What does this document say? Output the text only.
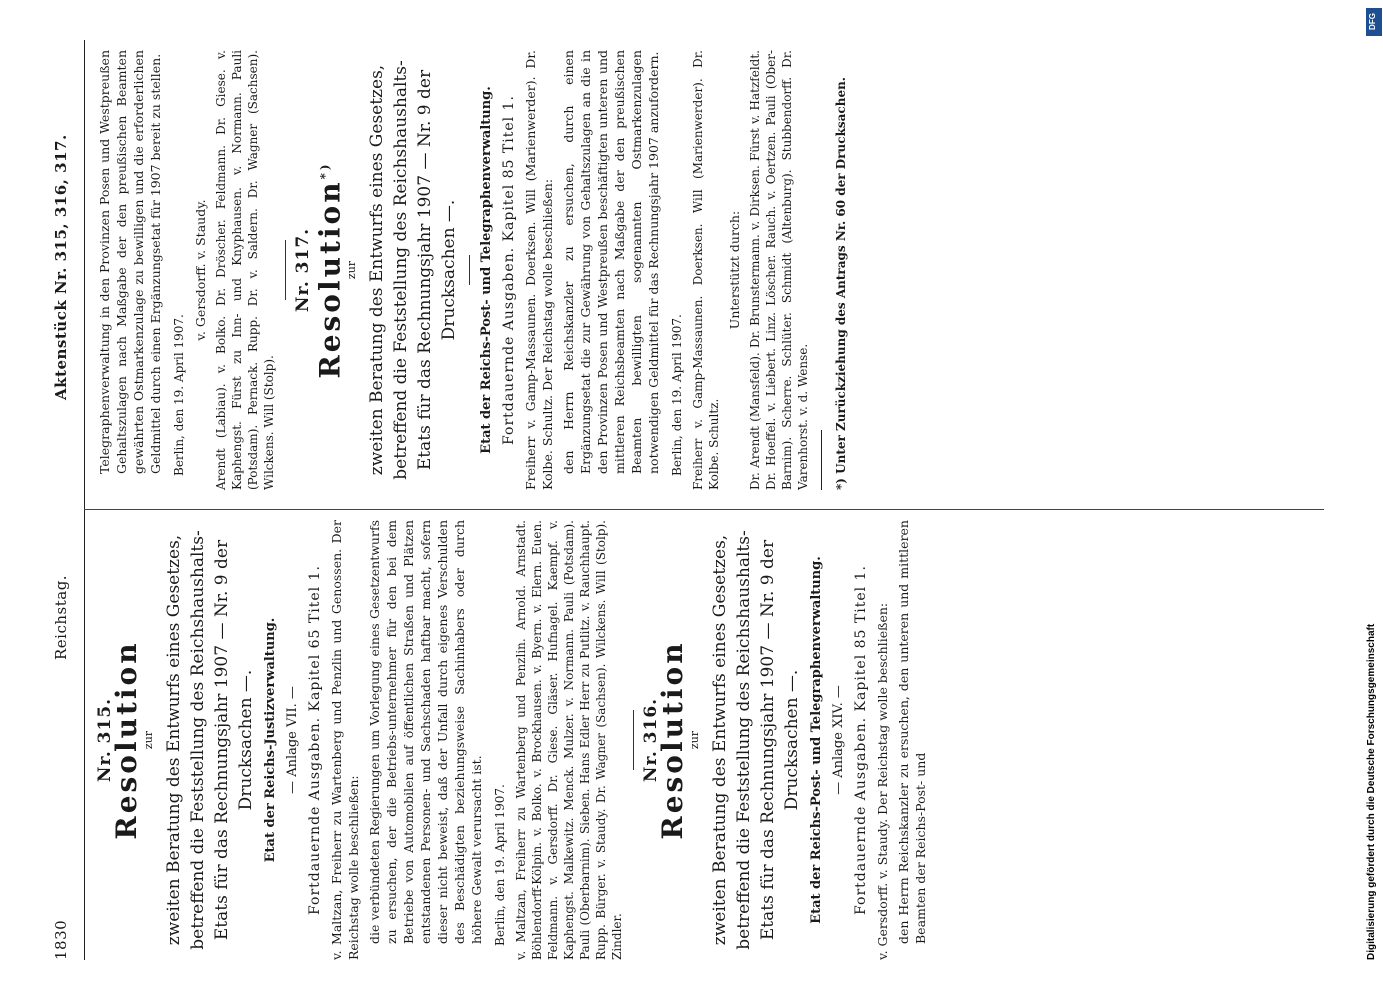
1830
Reichstag.
Aktenstück Nr. 315, 316, 317.

Nr. 315.

Resolution zur zweiten Beratung des Entwurfs eines Gesetzes, betreffend die Feststellung des Reichshaushalts-Etats für das Rechnungsjahr 1907 — Nr. 9 der Drucksachen —. Etat der Reichs-Justizverwaltung. — Anlage VII. — Fortdauernde Ausgaben. Kapitel 65 Titel 1. v. Maltzan, Freiherr zu Wartenberg und Penzlin und Genossen. Der Reichstag wolle beschließen: die verbündeten Regierungen um Vorlegung eines Gesetzentwurfs zu ersuchen, der die Betriebs-unternehmer für den bei dem Betriebe von Automobilen auf öffentlichen Straßen und Plätzen entstandenen Personen- und Sachschaden haftbar macht, sofern dieser nicht beweist, daß der Unfall durch eigenes Verschulden des Beschädigten beziehungsweise Sachinhabers oder durch höhere Gewalt verursacht ist. Berlin, den 19. April 1907. v. Maltzan, Freiherr zu Wartenberg und Penzlin. Arnold. Arnstadt. Böhlendorff-Kölpin. v. Bolko. v. Brockhausen. v. Byern. v. Elern. Euen. Feldmann. v. Gersdorff. Dr. Giese. Gläser. Hufnagel. Kaempf. v. Kaphengst. Malkewitz. Menck. Mulzer. v. Normann. Pauli (Potsdam). Pauli (Oberbarnim). Sieben. Hans Edler Herr zu Putlitz. v. Rauchhaupt. Rupp. Bürger. v. Staudy. Dr. Wagner (Sachsen). Wilckens. Will (Stolp). Zindler.

Nr. 316.

Resolution zur zweiten Beratung des Entwurfs eines Gesetzes, betreffend die Feststellung des Reichshaushalts-Etats für das Rechnungsjahr 1907 — Nr. 9 der Drucksachen —. Etat der Reichs-Post- und Telegraphenverwaltung. — Anlage XIV. — Fortdauernde Ausgaben. Kapitel 85 Titel 1. v. Gersdorff. v. Staudy. Der Reichstag wolle beschließen: den Herrn Reichskanzler zu ersuchen, den unteren und mittleren Beamten der Reichs-Post- und

Telegraphenverwaltung in den Provinzen Posen und Westpreußen Gehaltszulagen nach Maßgabe der den preußischen Beamten gewährten Ostmarkenzulage zu bewilligen und die erforderlichen Geldmittel durch einen Ergänzungsetat für 1907 bereit zu stellen. Berlin, den 19. April 1907.

v. Gersdorff. v. Staudy. Arendt (Labiau). v. Bolko. Dr. Dröscher. Feldmann. Dr. Giese. v. Kaphengst. Fürst zu Inn- und Knyphausen. v. Normann. Pauli (Potsdam). Pernack. Rupp. Dr. v. Saldern. Dr. Wagner (Sachsen). Wilckens. Will (Stolp).

Nr. 317. Resolution*)

zur zweiten Beratung des Entwurfs eines Gesetzes, betreffend die Feststellung des Reichshaushalts-Etats für das Rechnungsjahr 1907 — Nr. 9 der Drucksachen —. Etat der Reichs-Post- und Telegraphenverwaltung. Fortdauernde Ausgaben. Kapitel 85 Titel 1. Freiherr v. Gamp-Massaunen. Doerksen. Will (Marienwerder). Dr. Kolbe. Schultz. Der Reichstag wolle beschließen: den Herrn Reichskanzler zu ersuchen, durch einen Ergänzungsetat die zur Gewährung von Gehaltszulagen an die in den Provinzen Posen und Westpreußen beschäftigten unteren und mittleren Reichsbeamten nach Maßgabe der den preußischen Beamten bewilligten sogenannten Ostmarkenzulagen notwendigen Geldmittel für das Rechnungsjahr 1907 anzufordern. Berlin, den 19. April 1907. Freiherr v. Gamp-Massaunen. Doerksen. Will (Marienwerder). Dr. Kolbe. Schultz.

Unterstützt durch: Dr. Arendt (Mansfeld). Dr. Brunstermann. v. Dirksen. Fürst v. Hatzfeldt. Dr. Hoeffel. v. Liebert. Linz. Löscher. Rauch. v. Oertzen. Pauli (Ober-Barnim). Scherre. Schlüter. Schmidt (Altenburg). Stubbendorff. Dr. Varenhorst. v. d. Wense. *) Unter Zurückziehung des Antrags Nr. 60 der Drucksachen.

DFG
Digitalisierung gefördert durch die Deutsche Forschungsgemeinschaft
